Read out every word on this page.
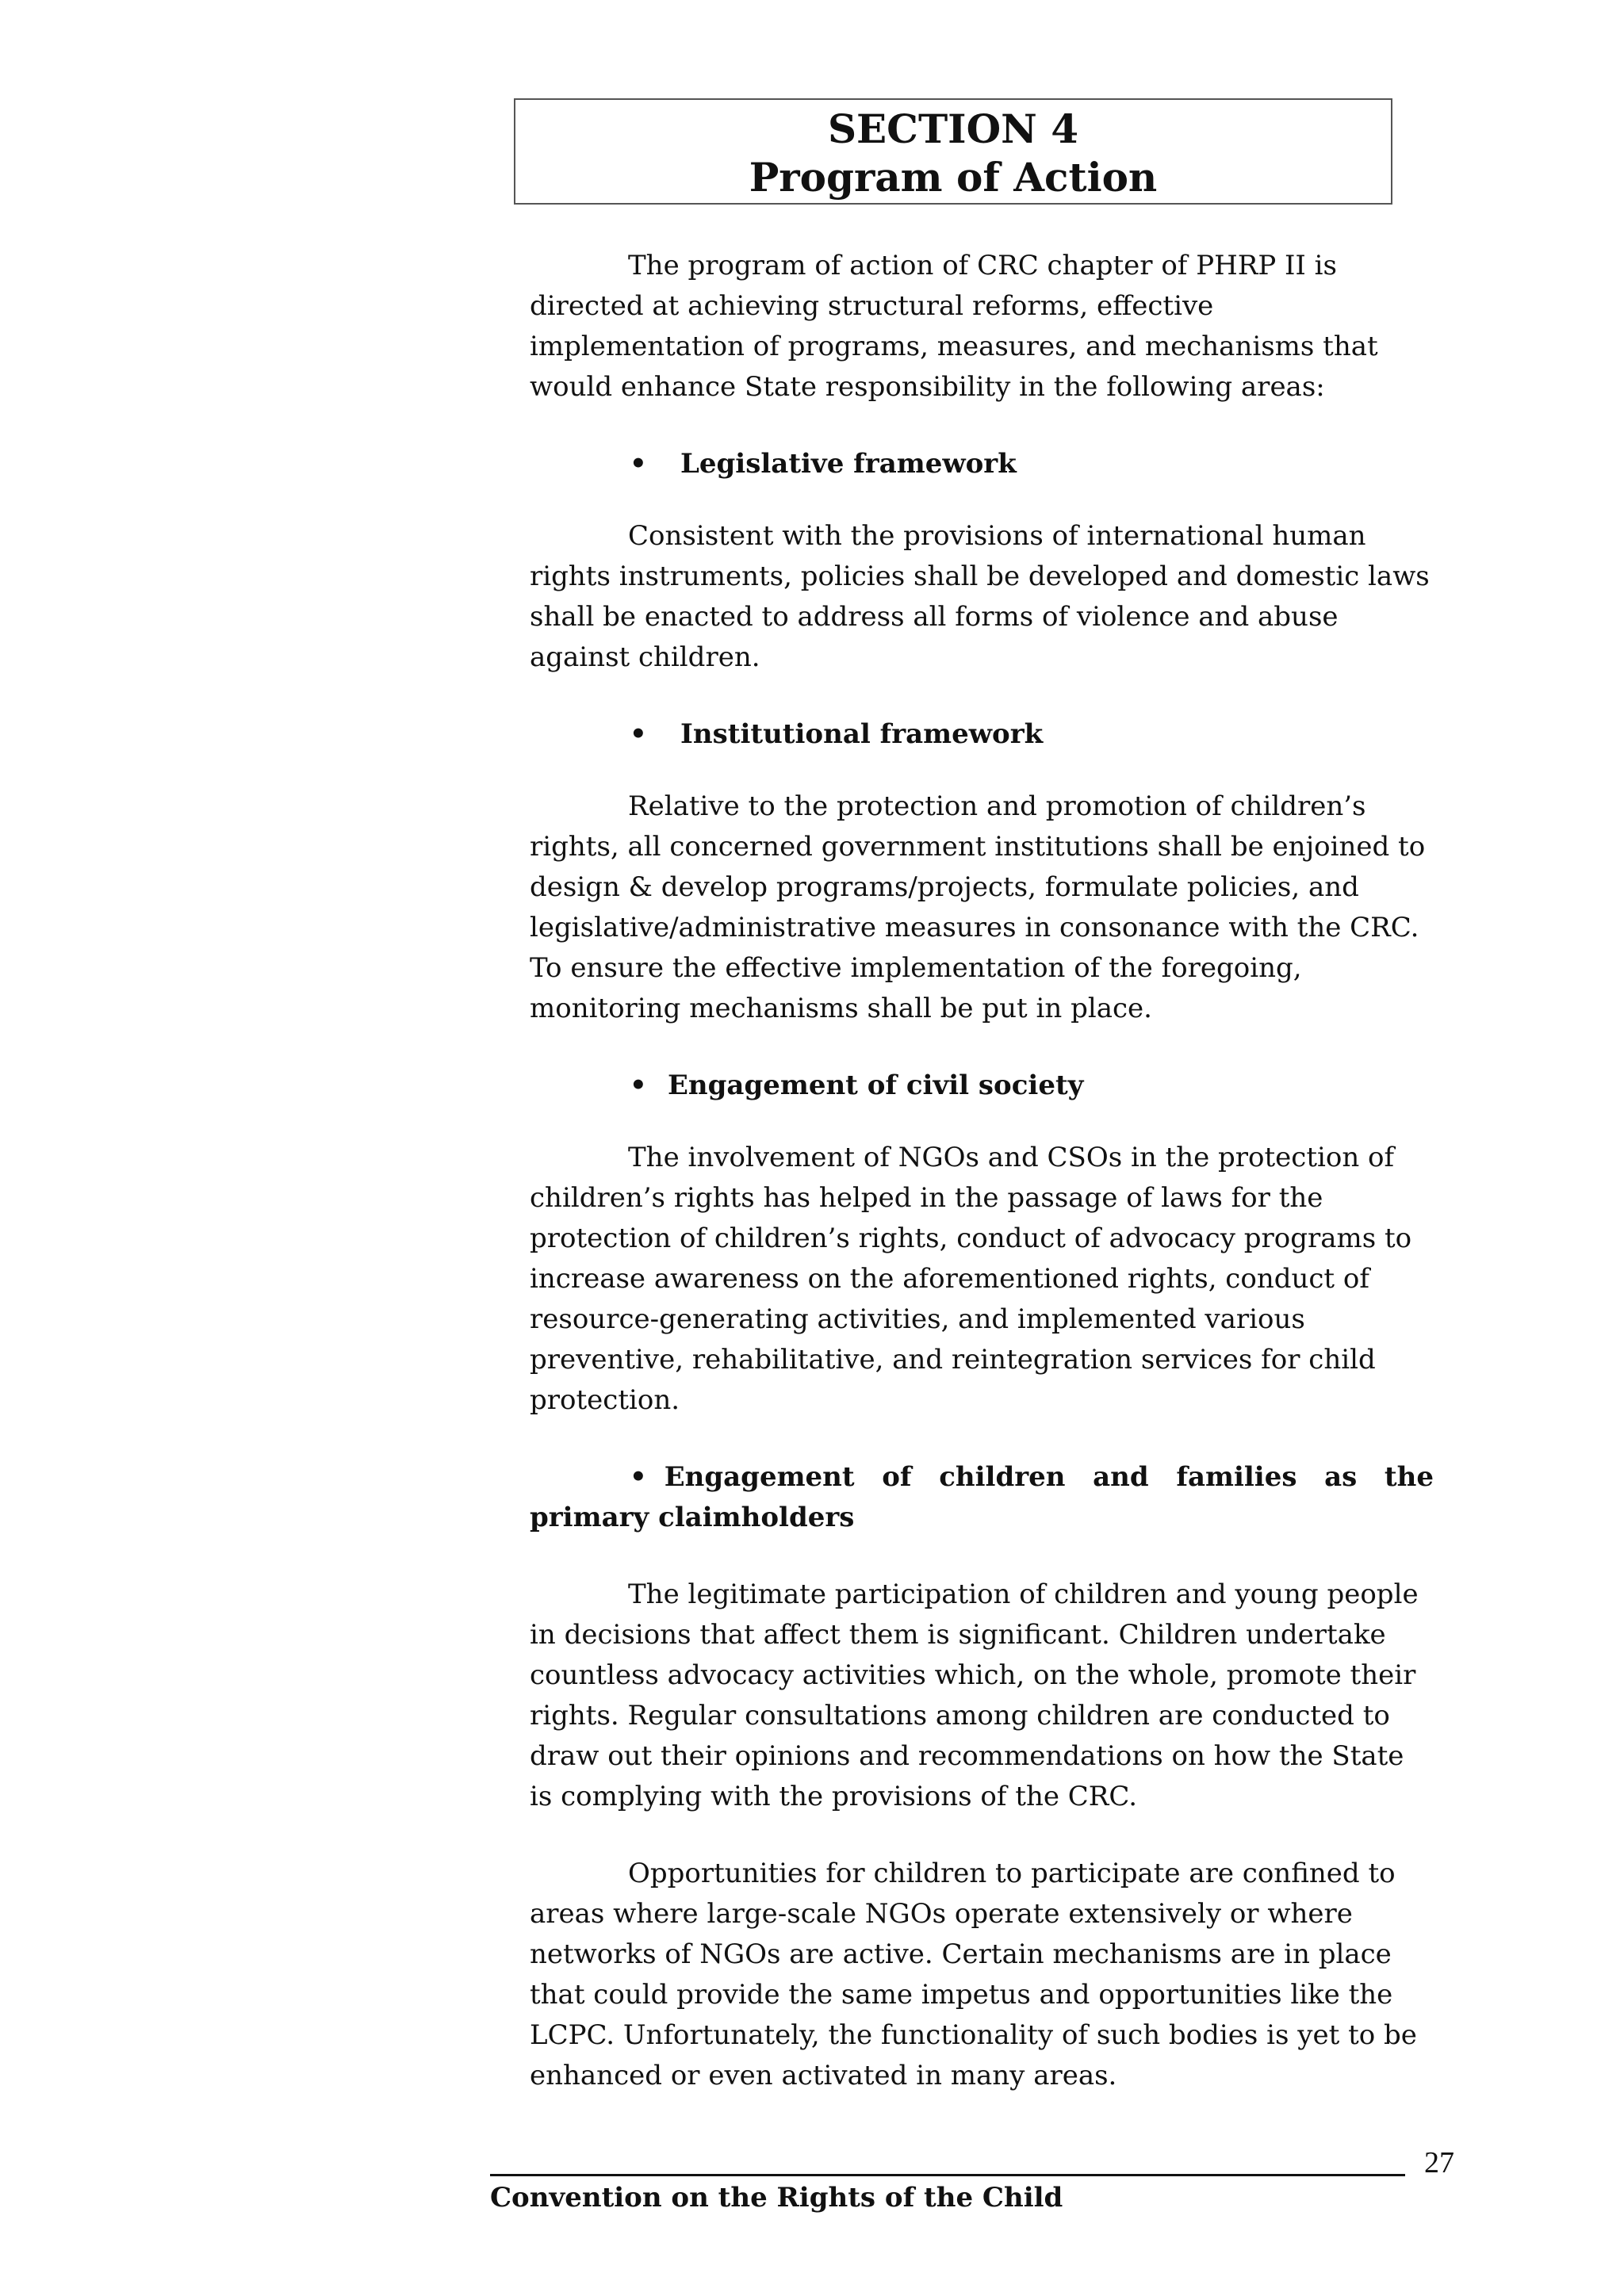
SECTION 4
Program of Action

The program of action of CRC chapter of PHRP II is directed at achieving structural reforms, effective implementation of programs, measures, and mechanisms that would enhance State responsibility in the following areas:

• Legislative framework

Consistent with the provisions of international human rights instruments, policies shall be developed and domestic laws shall be enacted to address all forms of violence and abuse against children.

• Institutional framework

Relative to the protection and promotion of children’s rights, all concerned government institutions shall be enjoined to design & develop programs/projects, formulate policies, and legislative/administrative measures in consonance with the CRC. To ensure the effective implementation of the foregoing, monitoring mechanisms shall be put in place.

• Engagement of civil society

The involvement of NGOs and CSOs in the protection of children’s rights has helped in the passage of laws for the protection of children’s rights, conduct of advocacy programs to increase awareness on the aforementioned rights, conduct of resource-generating activities, and implemented various preventive, rehabilitative, and reintegration services for child protection.

• Engagement of children and families as the primary claimholders

The legitimate participation of children and young people in decisions that affect them is significant. Children undertake countless advocacy activities which, on the whole, promote their rights. Regular consultations among children are conducted to draw out their opinions and recommendations on how the State is complying with the provisions of the CRC.

Opportunities for children to participate are confined to areas where large-scale NGOs operate extensively or where networks of NGOs are active. Certain mechanisms are in place that could provide the same impetus and opportunities like the LCPC. Unfortunately, the functionality of such bodies is yet to be enhanced or even activated in many areas.

27
Convention on the Rights of the Child
